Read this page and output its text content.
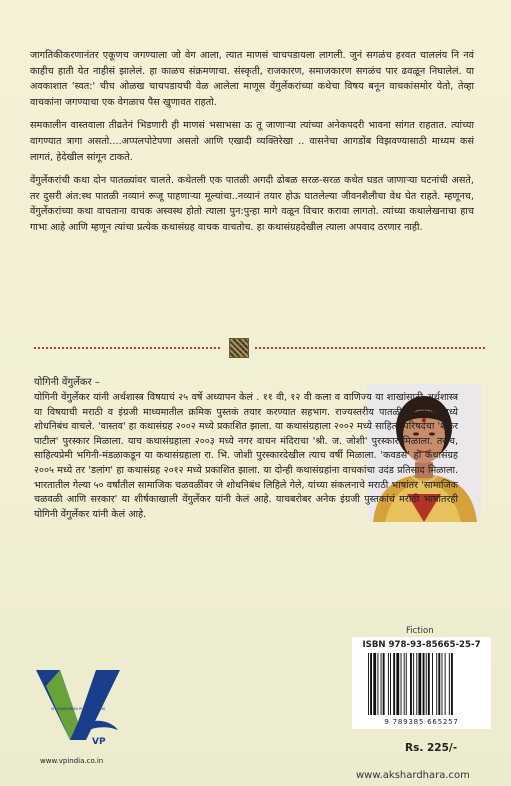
जागतिकीकरणानंतर एकूणच जगण्याला जो वेग आला, त्यात माणसं चाचपडायला लागली. जुनं सगळंच हरवत चाललंय नि नवं काहीच हाती येत नाहीसं झालेलं. हा काळच संक्रमणाचा. संस्कृती, राजकारण, समाजकारण सगळंच पार ढवळून निघालेलं. या अवकाशात 'स्वत:' चीच ओळख चाचपडायची वेळ आलेला माणूस वेंगुर्लेकरांच्या कथेचा विषय बनून वाचकांसमोर येतो, तेव्हा वाचकांना जगण्याचा एक वेगळाच पैस खुणावत राहतो.

समकालीन वास्तवाला तीव्रतेनं भिडणारी ही माणसं भसाभसा ऊ तू जाणाऱ्या त्यांच्या अनेकपदरी भावना सांगत राहतात. त्यांच्या वागण्यात त्रागा असतो....अप्पलपोटेपणा असतो आणि एखादी व्यक्तिरेखा .. वासनेचा आगडोंब विझवण्यासाठी माध्यम कसं लागतं, हेदेखील सांगून टाकते.

वेंगुर्लेकरांची कथा दोन पातळ्यांवर चालते. कथेतली एक पातळी अगदी ढोबळ सरळ-सरळ कथेत घडत जाणाऱ्या घटनांची असते, तर दुसरी अंत:स्थ पातळी नव्यानं रूजू पाहणाऱ्या मूल्यांचा..नव्यानं तयार होऊ घातलेल्या जीवनशैलीचा वेध घेत राहते. म्हणूनच, वेंगुर्लेकरांच्या कथा वाचताना वाचक अस्वस्थ होतो त्याला पुन:पुन्हा मागे वळून विचार करावा लागतो. त्यांच्या कथालेखनाचा हाच गाभा आहे आणि म्हणून त्यांचा प्रत्येक कथासंग्रह वाचक वाचतोच. हा कथासंग्रहदेखील त्याला अपवाद ठरणार नाही.

योगिनी वेंगुर्लेकर –
योगिनी वेंगुर्लेकर यांनी अर्थशास्त्र विषयाचं २५ वर्षे अध्यापन केलं . ११ वी, १२ वी कला व वाणिज्य या शाखांसाठी अर्थशास्त्र या विषयाची मराठी व इंग्रजी माध्यमातील क्रमिक पुस्तकं तयार करण्यात सहभाग. राज्यस्तरीय पातळीवर सेमिनारमध्ये शोधनिबंध वाचले. 'वास्तव' हा कथासंग्रह २००२ मध्ये प्रकाशित झाला. या कथासंग्रहाला २००२ मध्ये साहित्य परिषदेचा 'शंकर पाटील' पुरस्कार मिळाला. याच कथासंग्रहाला २००३ मध्ये नगर वाचन मंदिराचा 'श्री. ज. जोशी' पुरस्कार मिळाला. तसंच, साहित्यप्रेमी भगिनी-मंडळाकडून या कथासंग्रहाला रा. भि. जोशी पुरस्कारदेखील त्याच वर्षी मिळाला. 'कवडसे' हा कथासंग्रह २००५ मध्ये तर 'डलांग' हा कथासंग्रह २०१२ मध्ये प्रकाशित झाला. या दोन्ही कथासंग्रहांना वाचकांचा उदंड प्रतिसाद मिळाला. भारतातील गेल्या ५० वर्षांतील सामाजिक चळवळींवर जे शोधनिबंध लिहिले गेले, यांच्या संकलनाचे मराठी भाषांतर 'सामाजिक चळवळी आणि सरकार' या शीर्षकाखाली वेंगुर्लेकर यांनी केलं आहे. याचबरोबर अनेक इंग्रजी पुस्तकांचं मराठी भाषांतरही योगिनी वेंगुर्लेकर यांनी केलं आहे.
VP
VISHWAKARMA PUBLICATIONS
www.vpindia.co.in
Fiction
ISBN 978-93-85665-25-7
9 789385 665257
Rs. 225/-
www.akshardhara.com
